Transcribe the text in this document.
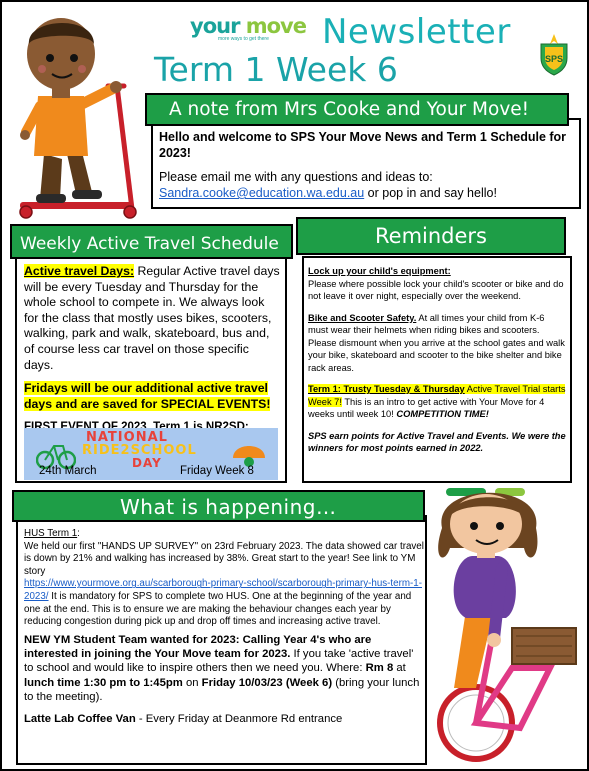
your move
more ways to get there	Newsletter
Term 1 Week 6	SPS
A note from Mrs Cooke and Your Move!

Hello and welcome to SPS Your Move News and Term 1 Schedule for 2023!

Please email me with any questions and ideas to:
Sandra.cooke@education.wa.edu.au or pop in and say hello!
Weekly Active Travel Schedule

Active travel Days: Regular Active travel days will be every Tuesday and Thursday for the whole school to compete in. We always look for the class that mostly uses bikes, scooters, walking, park and walk, skateboard, bus and, of course less car travel on those specific days.

Fridays will be our additional active travel days and are saved for SPECIAL EVENTS!

NATIONAL
RIDE2SCHOOL
DAY
24th March	Friday Week 8
Reminders

Lock up your child's equipment:
Please where possible lock your child's scooter or bike and do not leave it over night, especially over the weekend.

Bike and Scooter Safety. At all times your child from K-6 must wear their helmets when riding bikes and scooters. Please dismount when you arrive at the school gates and walk your bike, skateboard and scooter to the bike shelter and bike rack areas.

Term 1: Trusty Tuesday & Thursday Active Travel Trial starts Week 7! This is an intro to get active with Your Move for 4 weeks until week 10! COMPETITION TIME!

SPS earn points for Active Travel and Events. We were the winners for most points earned in 2022.

What is happening…

HUS Term 1:
We held our first "HANDS UP SURVEY" on 23rd February 2023. The data showed car travel is down by 21% and walking has increased by 38%. Great start to the year! See link to YM story
https://www.yourmove.org.au/scarborough-primary-school/scarborough-primary-hus-term-1-2023/ It is mandatory for SPS to complete two HUS. One at the beginning of the year and one at the end. This is to ensure we are making the behaviour changes each year by reducing congestion during pick up and drop off times and increasing active travel.

NEW YM Student Team wanted for 2023: Calling Year 4's who are interested in joining the Your Move team for 2023. If you take 'active travel' to school and would like to inspire others then we need you. Where: Rm 8 at lunch time 1:30 pm to 1:45pm on Friday 10/03/23 (Week 6) (bring your lunch to the meeting).

Latte Lab Coffee Van - Every Friday at Deanmore Rd entrance
